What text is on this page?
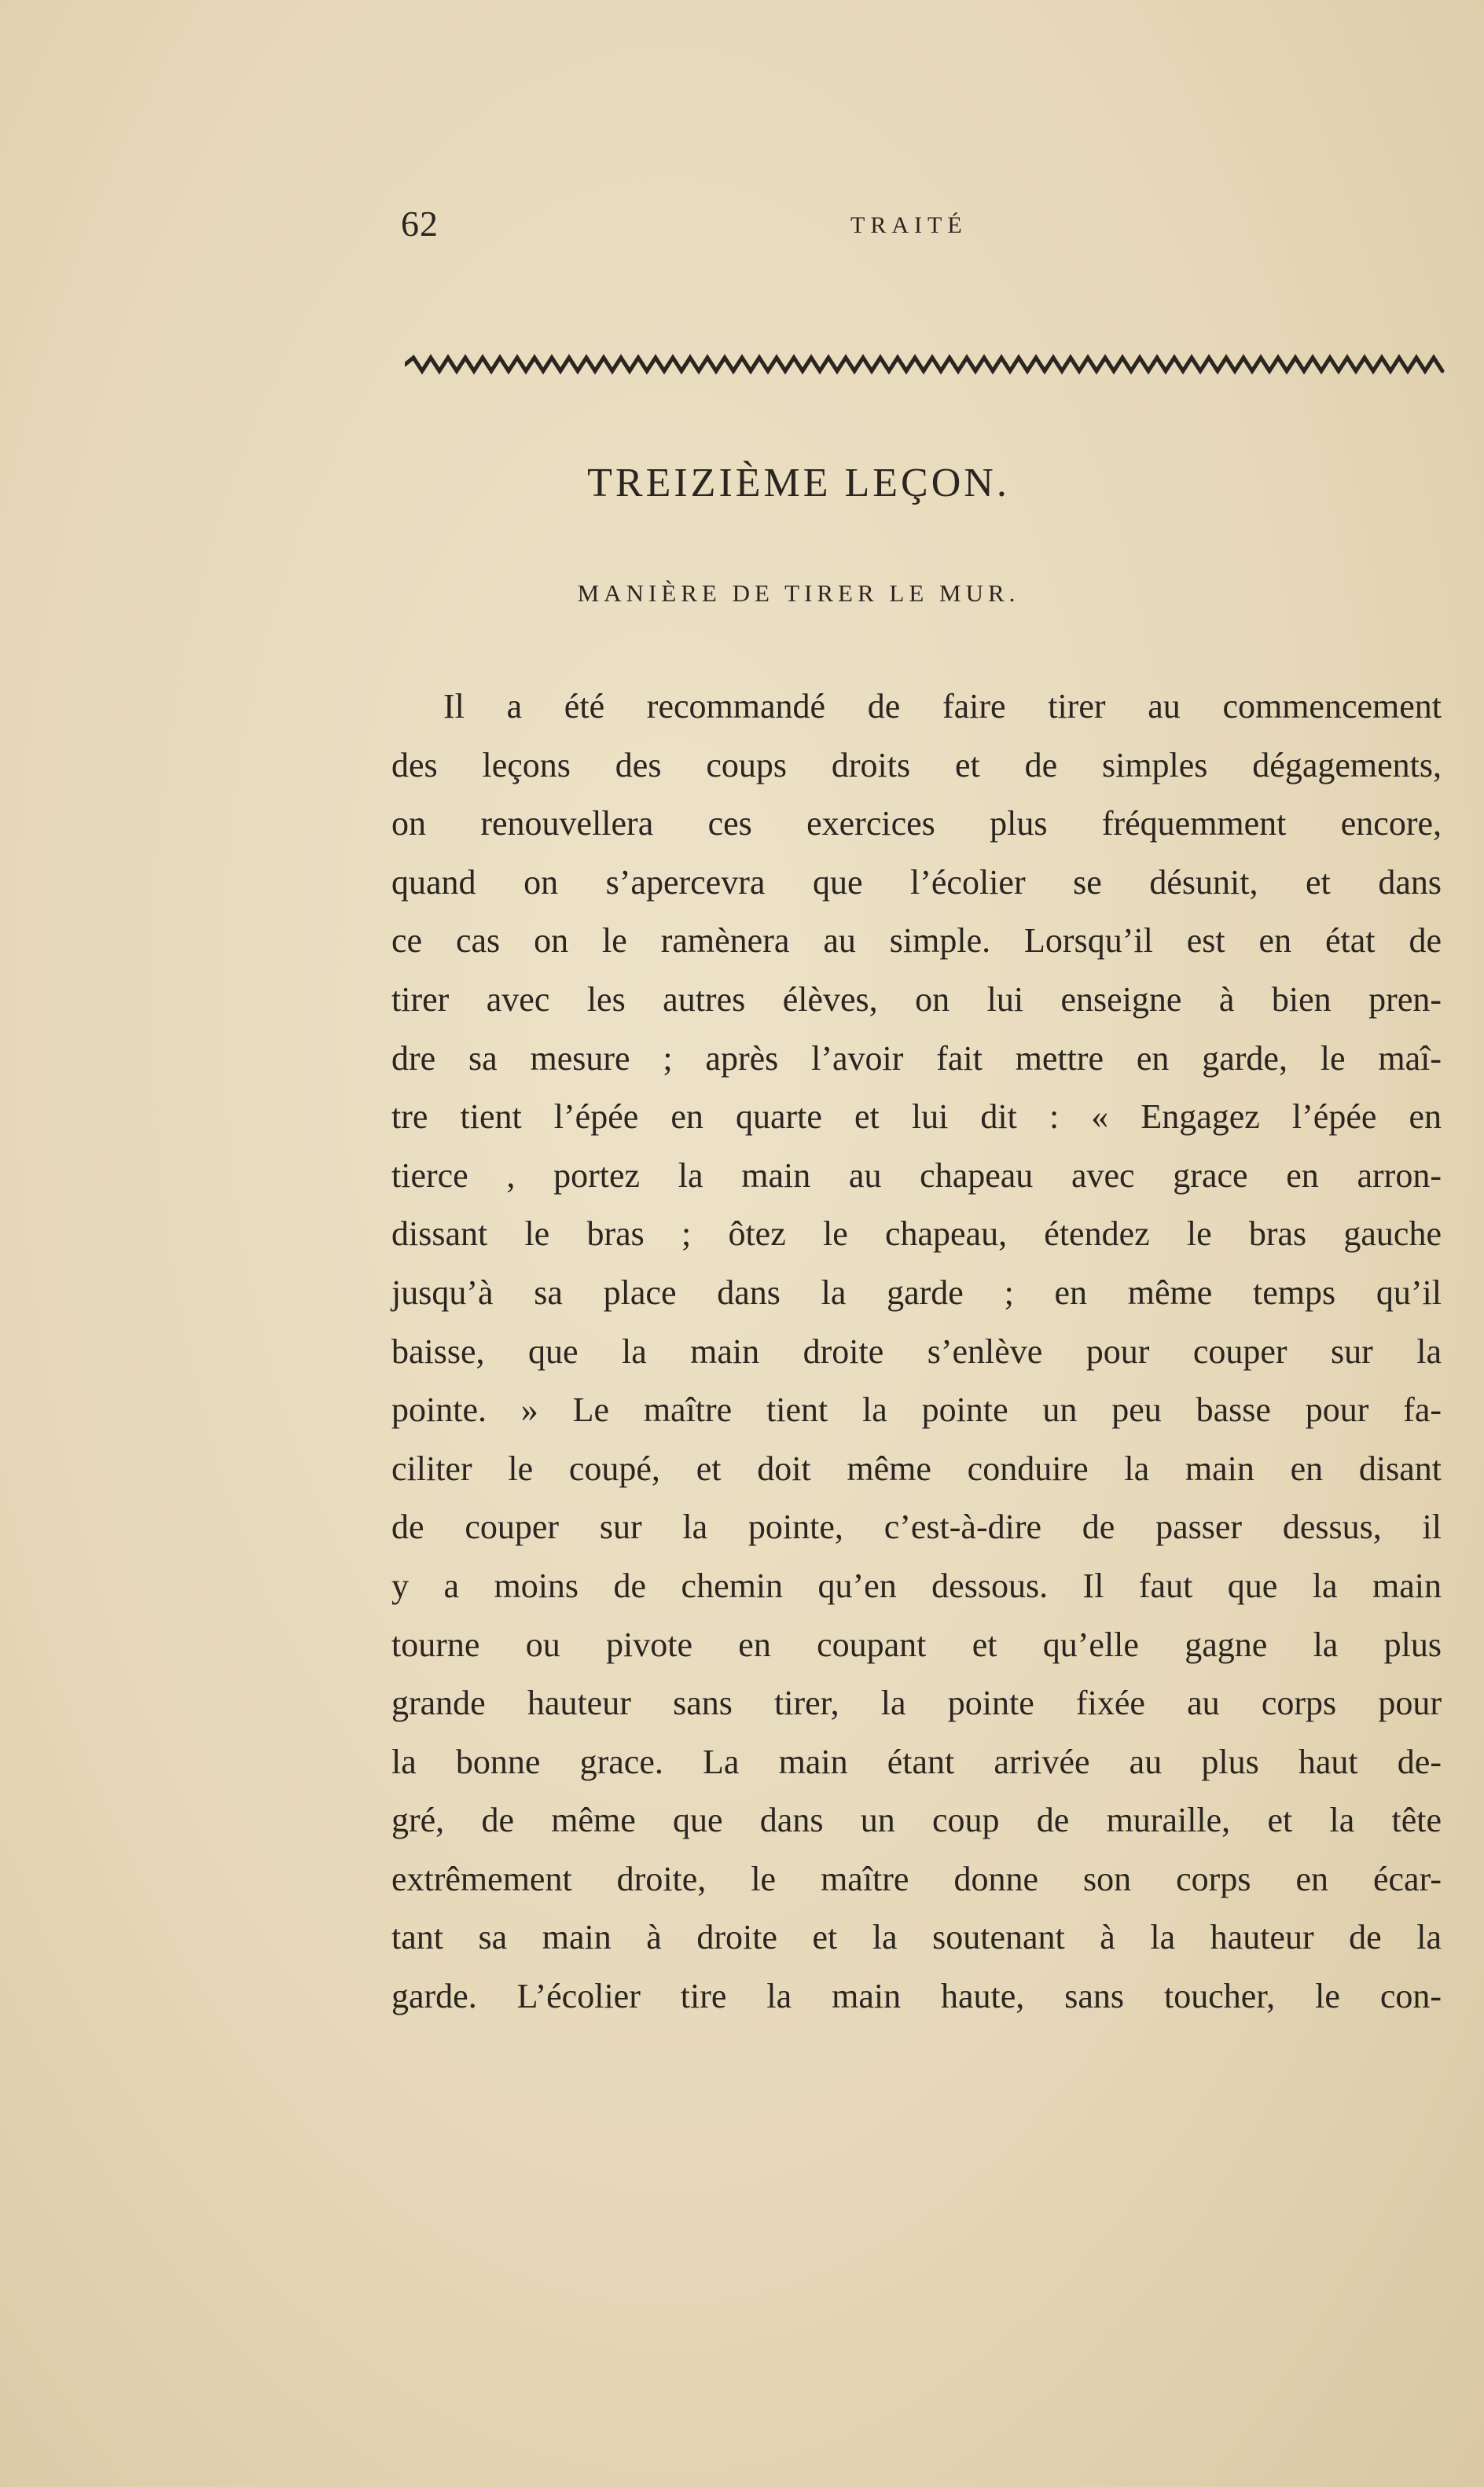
62	TRAITÉ
TREIZIÈME LEÇON.
MANIÈRE DE TIRER LE MUR.
Il a été recommandé de faire tirer au commencement
des leçons des coups droits et de simples dégagements,
on renouvellera ces exercices plus fréquemment encore,
quand on s’apercevra que l’écolier se désunit, et dans
ce cas on le ramènera au simple. Lorsqu’il est en état de
tirer avec les autres élèves, on lui enseigne à bien pren-
dre sa mesure ; après l’avoir fait mettre en garde, le maî-
tre tient l’épée en quarte et lui dit : « Engagez l’épée en
tierce , portez la main au chapeau avec grace en arron-
dissant le bras ; ôtez le chapeau, étendez le bras gauche
jusqu’à sa place dans la garde ; en même temps qu’il
baisse, que la main droite s’enlève pour couper sur la
pointe. » Le maître tient la pointe un peu basse pour fa-
ciliter le coupé, et doit même conduire la main en disant
de couper sur la pointe, c’est-à-dire de passer dessus, il
y a moins de chemin qu’en dessous. Il faut que la main
tourne ou pivote en coupant et qu’elle gagne la plus
grande hauteur sans tirer, la pointe fixée au corps pour
la bonne grace. La main étant arrivée au plus haut de-
gré, de même que dans un coup de muraille, et la tête
extrêmement droite, le maître donne son corps en écar-
tant sa main à droite et la soutenant à la hauteur de la
garde. L’écolier tire la main haute, sans toucher, le con-
